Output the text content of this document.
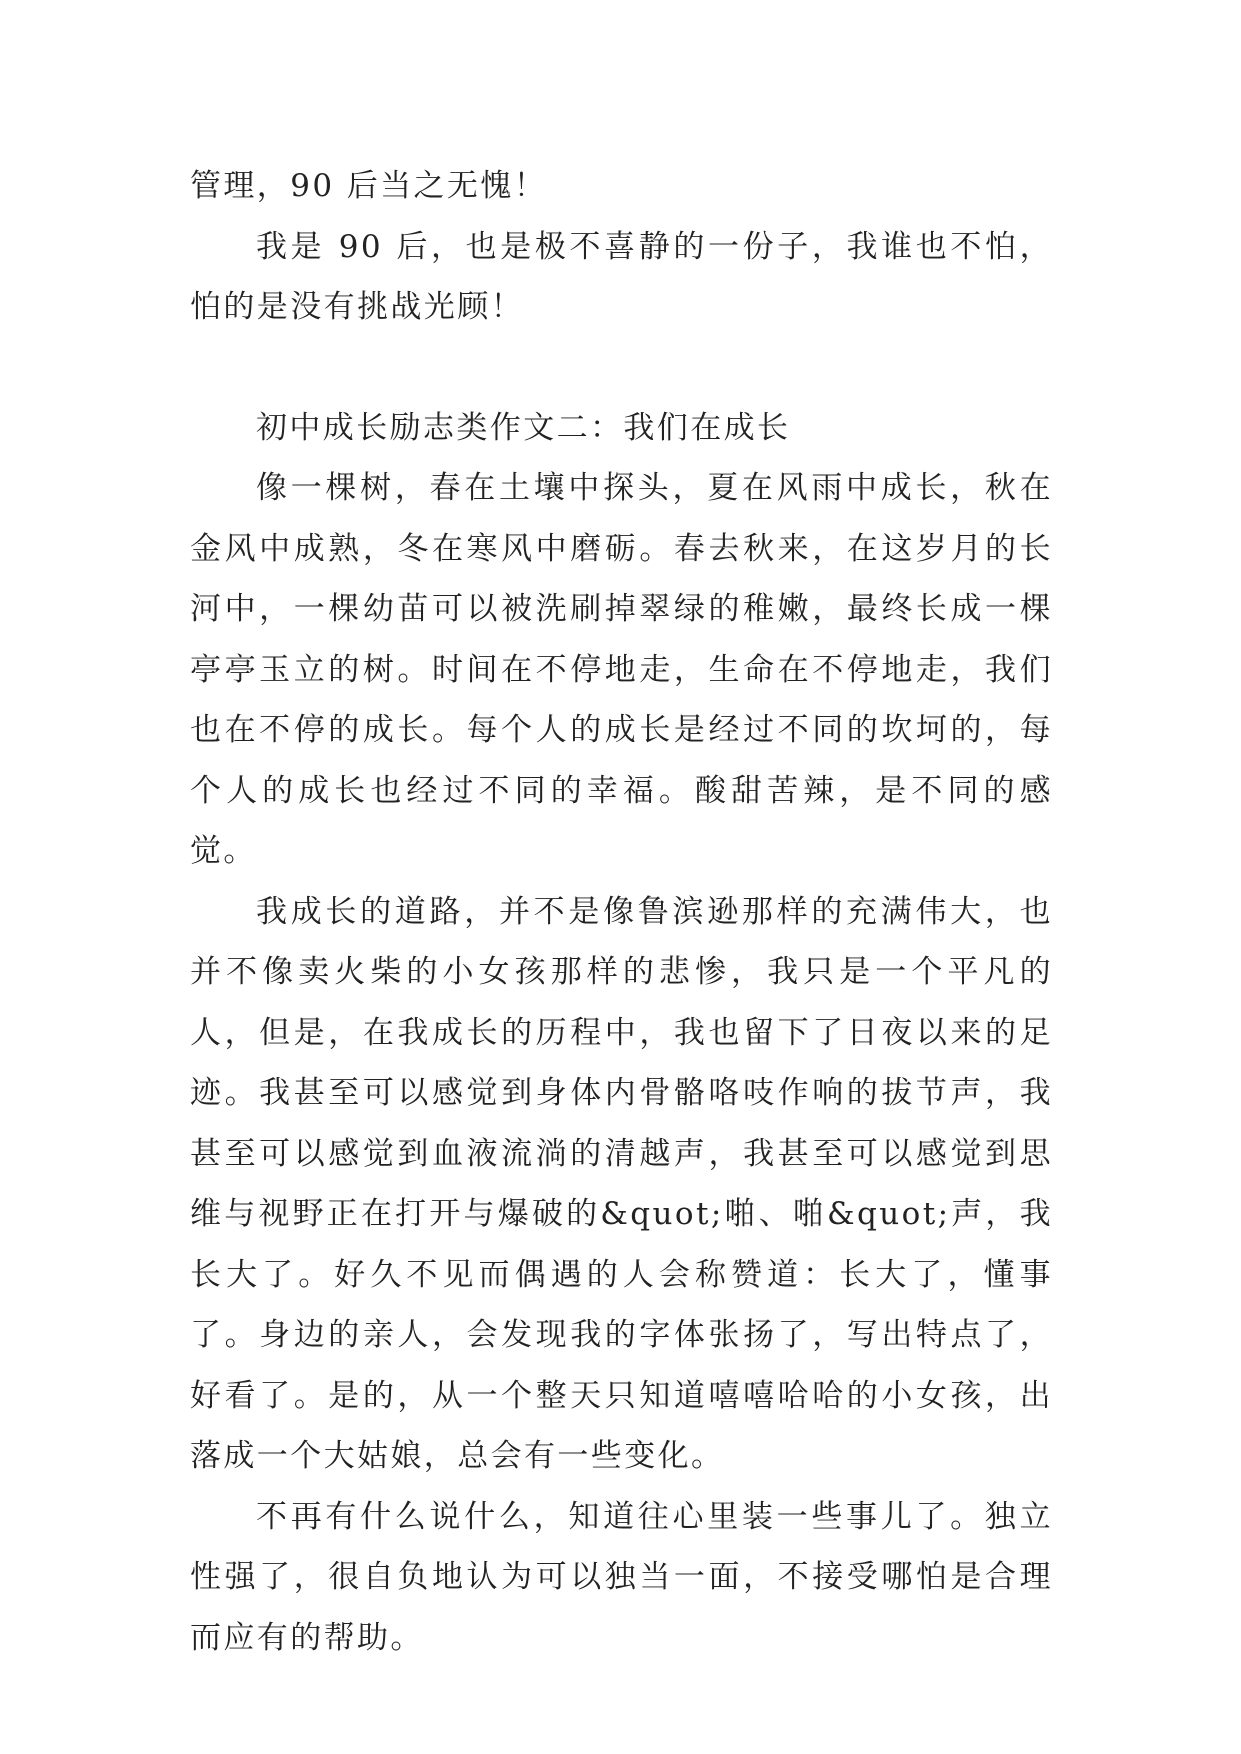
管理，90 后当之无愧！

我是 90 后，也是极不喜静的一份子，我谁也不怕，怕的是没有挑战光顾！

初中成长励志类作文二：我们在成长

像一棵树，春在土壤中探头，夏在风雨中成长，秋在金风中成熟，冬在寒风中磨砺。春去秋来，在这岁月的长河中，一棵幼苗可以被洗刷掉翠绿的稚嫩，最终长成一棵亭亭玉立的树。时间在不停地走，生命在不停地走，我们也在不停的成长。每个人的成长是经过不同的坎坷的，每个人的成长也经过不同的幸福。酸甜苦辣，是不同的感觉。

我成长的道路，并不是像鲁滨逊那样的充满伟大，也并不像卖火柴的小女孩那样的悲惨，我只是一个平凡的人，但是，在我成长的历程中，我也留下了日夜以来的足迹。我甚至可以感觉到身体内骨骼咯吱作响的拔节声，我甚至可以感觉到血液流淌的清越声，我甚至可以感觉到思维与视野正在打开与爆破的&quot;啪、啪&quot;声，我长大了。好久不见而偶遇的人会称赞道：长大了，懂事了。身边的亲人，会发现我的字体张扬了，写出特点了，好看了。是的，从一个整天只知道嘻嘻哈哈的小女孩，出落成一个大姑娘，总会有一些变化。

不再有什么说什么，知道往心里装一些事儿了。独立性强了，很自负地认为可以独当一面，不接受哪怕是合理而应有的帮助。
